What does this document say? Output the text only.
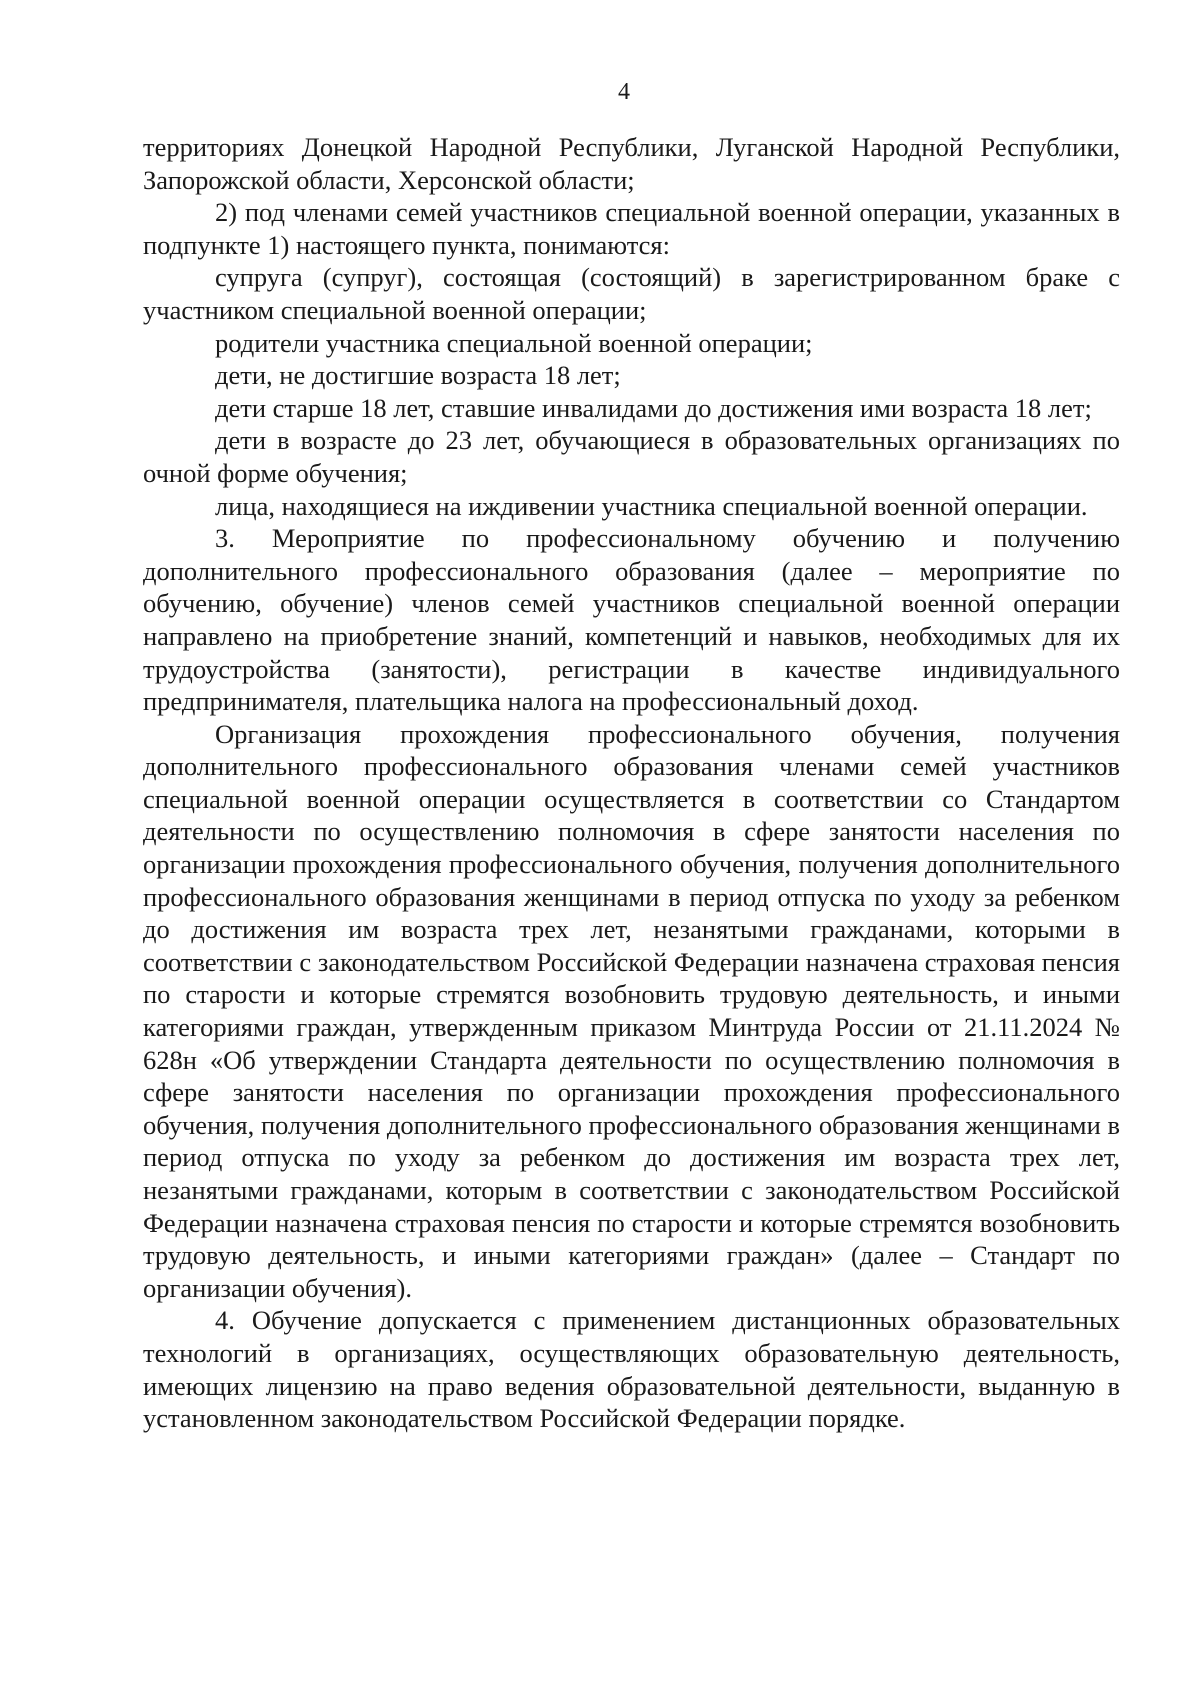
4

территориях Донецкой Народной Республики, Луганской Народной Республики, Запорожской области, Херсонской области;

2) под членами семей участников специальной военной операции, указанных в подпункте 1) настоящего пункта, понимаются:

супруга (супруг), состоящая (состоящий) в зарегистрированном браке с участником специальной военной операции;

родители участника специальной военной операции;

дети, не достигшие возраста 18 лет;

дети старше 18 лет, ставшие инвалидами до достижения ими возраста 18 лет;

дети в возрасте до 23 лет, обучающиеся в образовательных организациях по очной форме обучения;

лица, находящиеся на иждивении участника специальной военной операции.

3. Мероприятие по профессиональному обучению и получению дополнительного профессионального образования (далее – мероприятие по обучению, обучение) членов семей участников специальной военной операции направлено на приобретение знаний, компетенций и навыков, необходимых для их трудоустройства (занятости), регистрации в качестве индивидуального предпринимателя, плательщика налога на профессиональный доход.

Организация прохождения профессионального обучения, получения дополнительного профессионального образования членами семей участников специальной военной операции осуществляется в соответствии со Стандартом деятельности по осуществлению полномочия в сфере занятости населения по организации прохождения профессионального обучения, получения дополнительного профессионального образования женщинами в период отпуска по уходу за ребенком до достижения им возраста трех лет, незанятыми гражданами, которыми в соответствии с законодательством Российской Федерации назначена страховая пенсия по старости и которые стремятся возобновить трудовую деятельность, и иными категориями граждан, утвержденным приказом Минтруда России от 21.11.2024 № 628н «Об утверждении Стандарта деятельности по осуществлению полномочия в сфере занятости населения по организации прохождения профессионального обучения, получения дополнительного профессионального образования женщинами в период отпуска по уходу за ребенком до достижения им возраста трех лет, незанятыми гражданами, которым в соответствии с законодательством Российской Федерации назначена страховая пенсия по старости и которые стремятся возобновить трудовую деятельность, и иными категориями граждан» (далее – Стандарт по организации обучения).

4. Обучение допускается с применением дистанционных образовательных технологий в организациях, осуществляющих образовательную деятельность, имеющих лицензию на право ведения образовательной деятельности, выданную в установленном законодательством Российской Федерации порядке.
